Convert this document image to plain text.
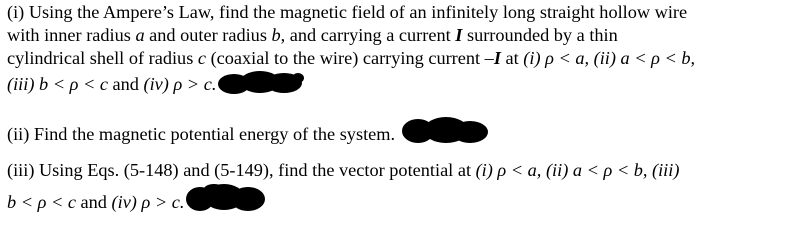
(i) Using the Ampere’s Law, find the magnetic field of an infinitely long straight hollow wire
with inner radius a and outer radius b, and carrying a current I surrounded by a thin
cylindrical shell of radius c (coaxial to the wire) carrying current –I at (i) ρ < a, (ii) a < ρ < b,
(iii) b < ρ < c and (iv) ρ > c.
(ii) Find the magnetic potential energy of the system.
(iii) Using Eqs. (5-148) and (5-149), find the vector potential at (i) ρ < a, (ii) a < ρ < b, (iii)
b < ρ < c and (iv) ρ > c.
